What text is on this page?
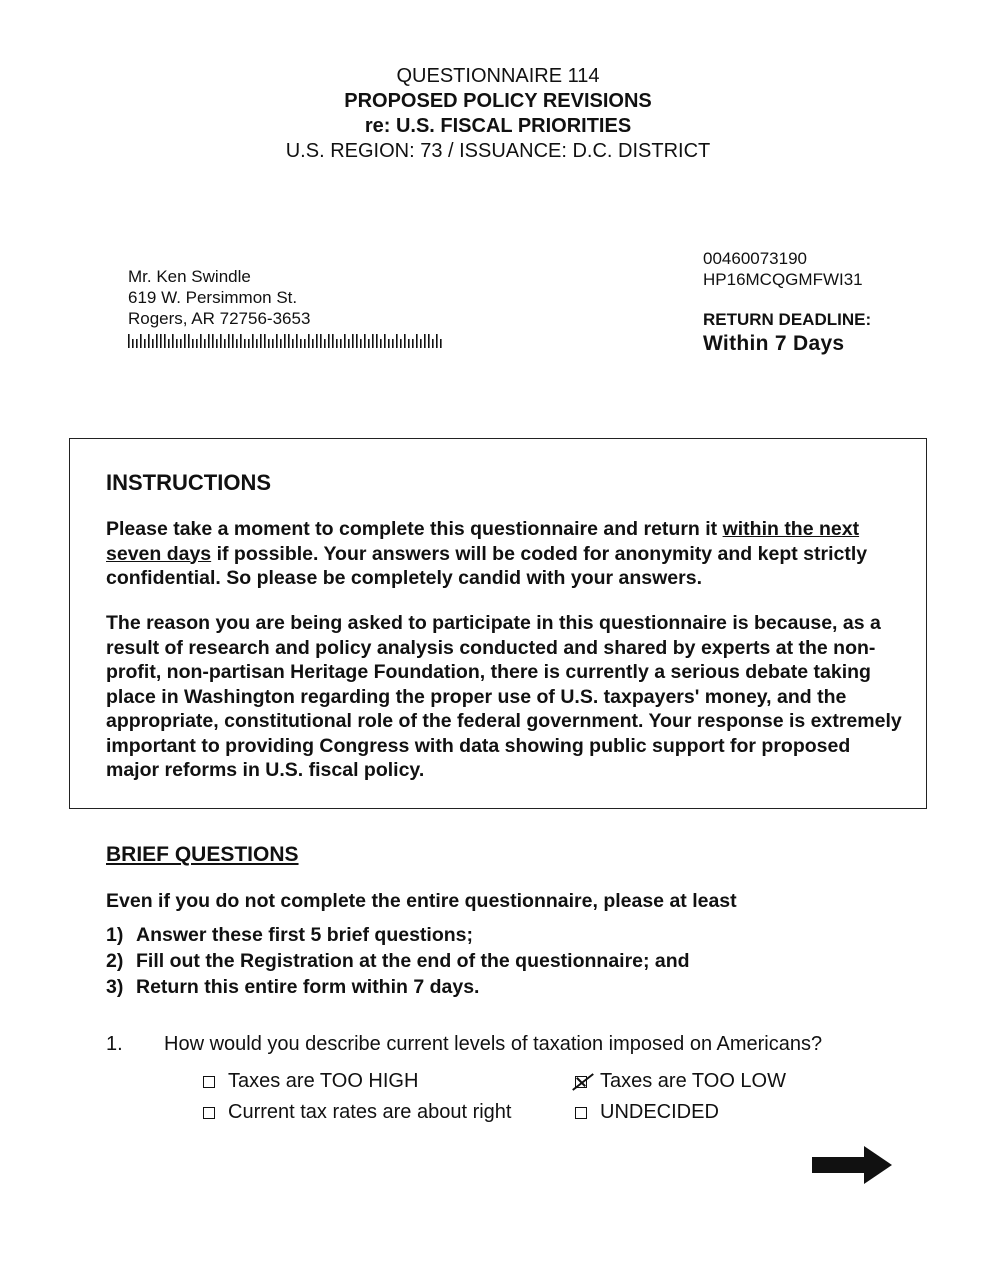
QUESTIONNAIRE 114
PROPOSED POLICY REVISIONS
re: U.S. FISCAL PRIORITIES
U.S. REGION: 73 / ISSUANCE: D.C. DISTRICT
Mr. Ken Swindle
619 W. Persimmon St.
Rogers, AR 72756-3653
00460073190
HP16MCQGMFWI31
RETURN DEADLINE:
Within 7 Days
INSTRUCTIONS
Please take a moment to complete this questionnaire and return it within the next seven days if possible. Your answers will be coded for anonymity and kept strictly confidential. So please be completely candid with your answers.
The reason you are being asked to participate in this questionnaire is because, as a result of research and policy analysis conducted and shared by experts at the non-profit, non-partisan Heritage Foundation, there is currently a serious debate taking place in Washington regarding the proper use of U.S. taxpayers' money, and the appropriate, constitutional role of the federal government. Your response is extremely important to providing Congress with data showing public support for proposed major reforms in U.S. fiscal policy.
BRIEF QUESTIONS
Even if you do not complete the entire questionnaire, please at least
1) Answer these first 5 brief questions;
2) Fill out the Registration at the end of the questionnaire; and
3) Return this entire form within 7 days.
1. How would you describe current levels of taxation imposed on Americans?
Taxes are TOO HIGH
Current tax rates are about right
Taxes are TOO LOW
UNDECIDED
